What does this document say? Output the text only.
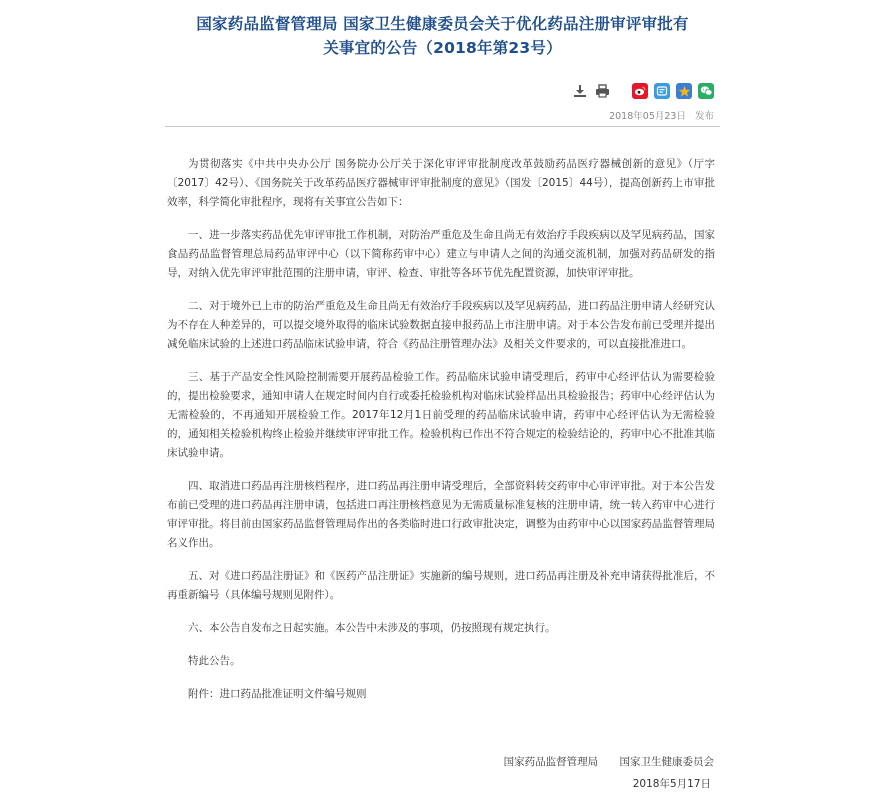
国家药品监督管理局 国家卫生健康委员会关于优化药品注册审评审批有
关事宜的公告（2018年第23号）
2018年05月23日 发布

为贯彻落实《中共中央办公厅 国务院办公厅关于深化审评审批制度改革鼓励药品医疗器械创新的意见》（厅字〔2017〕42号）、《国务院关于改革药品医疗器械审评审批制度的意见》（国发〔2015〕44号），提高创新药上市审批效率，科学简化审批程序，现将有关事宜公告如下：

一、进一步落实药品优先审评审批工作机制，对防治严重危及生命且尚无有效治疗手段疾病以及罕见病药品，国家食品药品监督管理总局药品审评中心（以下简称药审中心）建立与申请人之间的沟通交流机制，加强对药品研发的指导，对纳入优先审评审批范围的注册申请，审评、检查、审批等各环节优先配置资源，加快审评审批。

二、对于境外已上市的防治严重危及生命且尚无有效治疗手段疾病以及罕见病药品，进口药品注册申请人经研究认为不存在人种差异的，可以提交境外取得的临床试验数据直接申报药品上市注册申请。对于本公告发布前已受理并提出减免临床试验的上述进口药品临床试验申请，符合《药品注册管理办法》及相关文件要求的，可以直接批准进口。

三、基于产品安全性风险控制需要开展药品检验工作。药品临床试验申请受理后，药审中心经评估认为需要检验的，提出检验要求，通知申请人在规定时间内自行或委托检验机构对临床试验样品出具检验报告；药审中心经评估认为无需检验的，不再通知开展检验工作。2017年12月1日前受理的药品临床试验申请，药审中心经评估认为无需检验的，通知相关检验机构终止检验并继续审评审批工作。检验机构已作出不符合规定的检验结论的，药审中心不批准其临床试验申请。

四、取消进口药品再注册核档程序，进口药品再注册申请受理后，全部资料转交药审中心审评审批。对于本公告发布前已受理的进口药品再注册申请，包括进口再注册核档意见为无需质量标准复核的注册申请，统一转入药审中心进行审评审批。将目前由国家药品监督管理局作出的各类临时进口行政审批决定，调整为由药审中心以国家药品监督管理局名义作出。

五、对《进口药品注册证》和《医药产品注册证》实施新的编号规则，进口药品再注册及补充申请获得批准后，不再重新编号（具体编号规则见附件）。

六、本公告自发布之日起实施。本公告中未涉及的事项，仍按照现有规定执行。

特此公告。

附件：进口药品批准证明文件编号规则

国家药品监督管理局 国家卫生健康委员会
2018年5月17日
